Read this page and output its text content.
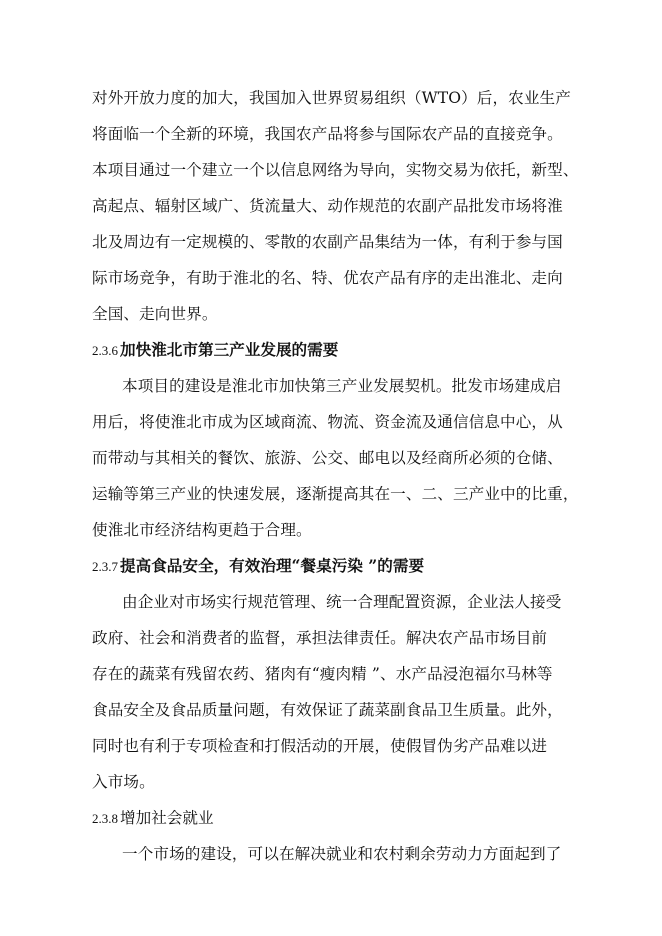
对外开放力度的加大，我国加入世界贸易组织（WTO）后，农业生产
将面临一个全新的环境，我国农产品将参与国际农产品的直接竞争。
本项目通过一个建立一个以信息网络为导向，实物交易为依托，新型、
高起点、辐射区域广、货流量大、动作规范的农副产品批发市场将淮
北及周边有一定规模的、零散的农副产品集结为一体，有利于参与国
际市场竞争，有助于淮北的名、特、优农产品有序的走出淮北、走向
全国、走向世界。
2.3.6 加快淮北市第三产业发展的需要
本项目的建设是淮北市加快第三产业发展契机。批发市场建成启
用后，将使淮北市成为区域商流、物流、资金流及通信信息中心，从
而带动与其相关的餐饮、旅游、公交、邮电以及经商所必须的仓储、
运输等第三产业的快速发展，逐渐提高其在一、二、三产业中的比重，
使淮北市经济结构更趋于合理。
2.3.7 提高食品安全，有效治理“餐桌污染 ”的需要
由企业对市场实行规范管理、统一合理配置资源，企业法人接受
政府、社会和消费者的监督，承担法律责任。解决农产品市场目前
存在的蔬菜有残留农药、猪肉有“瘦肉精 ”、水产品浸泡福尔马林等
食品安全及食品质量问题，有效保证了蔬菜副食品卫生质量。此外，
同时也有利于专项检查和打假活动的开展，使假冒伪劣产品难以进
入市场。
2.3.8 增加社会就业
一个市场的建设，可以在解决就业和农村剩余劳动力方面起到了
